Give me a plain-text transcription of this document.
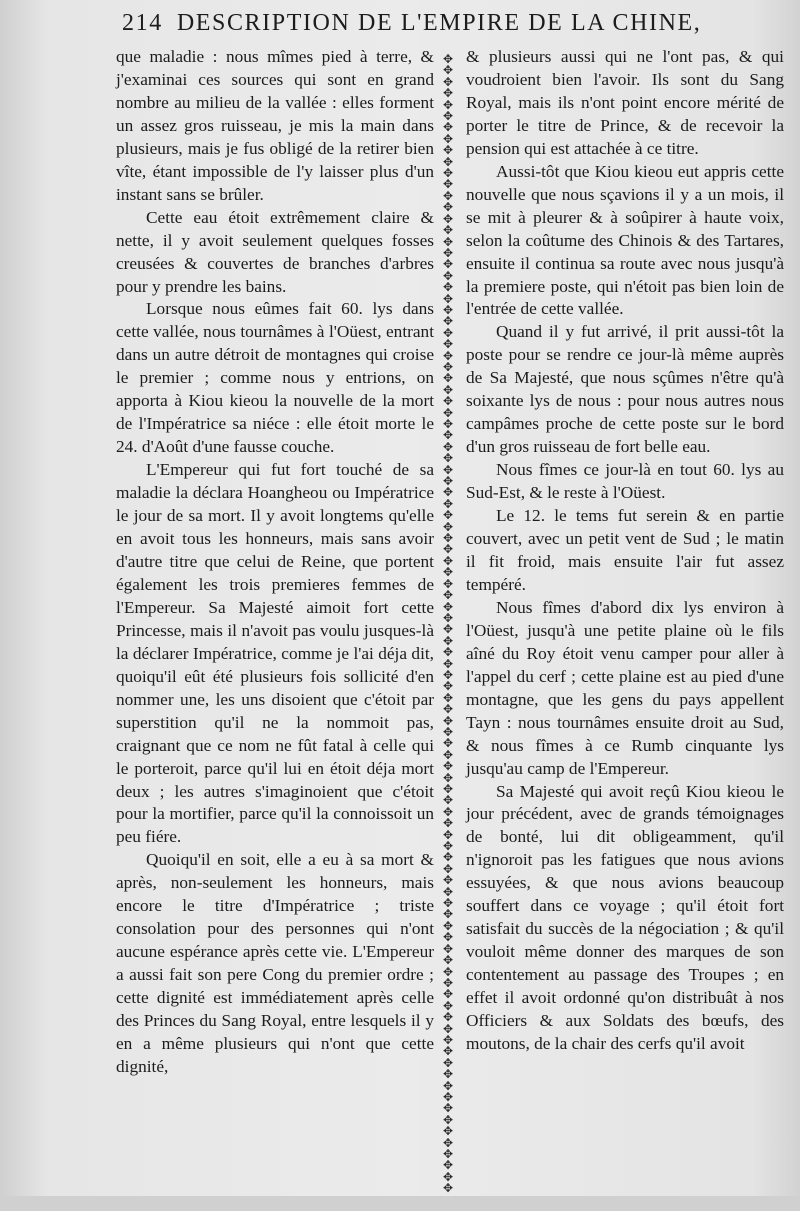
214 DESCRIPTION DE L'EMPIRE DE LA CHINE,

que maladie : nous mîmes pied à terre, & j'examinai ces sources qui sont en grand nombre au milieu de la vallée : elles forment un assez gros ruisseau, je mis la main dans plusieurs, mais je fus obligé de la retirer bien vîte, étant impossible de l'y laisser plus d'un instant sans se brûler.

Cette eau étoit extrêmement claire & nette, il y avoit seulement quelques fosses creusées & couvertes de branches d'arbres pour y prendre les bains.

Lorsque nous eûmes fait 60. lys dans cette vallée, nous tournâmes à l'Oüest, entrant dans un autre détroit de montagnes qui croise le premier ; comme nous y entrions, on apporta à Kiou kieou la nouvelle de la mort de l'Impératrice sa niéce : elle étoit morte le 24. d'Août d'une fausse couche.

L'Empereur qui fut fort touché de sa maladie la déclara Hoangheou ou Impératrice le jour de sa mort. Il y avoit longtems qu'elle en avoit tous les honneurs, mais sans avoir d'autre titre que celui de Reine, que portent également les trois premieres femmes de l'Empereur. Sa Majesté aimoit fort cette Princesse, mais il n'avoit pas voulu jusques-là la déclarer Impératrice, comme je l'ai déja dit, quoiqu'il eût été plusieurs fois sollicité d'en nommer une, les uns disoient que c'étoit par superstition qu'il ne la nommoit pas, craignant que ce nom ne fût fatal à celle qui le porteroit, parce qu'il lui en étoit déja mort deux ; les autres s'imaginoient que c'étoit pour la mortifier, parce qu'il la connoissoit un peu fiére.

Quoiqu'il en soit, elle a eu à sa mort & après, non-seulement les honneurs, mais encore le titre d'Impératrice ; triste consolation pour des personnes qui n'ont aucune espérance après cette vie. L'Empereur a aussi fait son pere Cong du premier ordre ; cette dignité est immédiatement après celle des Princes du Sang Royal, entre lesquels il y en a même plusieurs qui n'ont que cette dignité,

✥
✥
✥
✥
✥
✥
✥
✥
✥
✥
✥
✥
✥
✥
✥
✥
✥
✥
✥
✥
✥
✥
✥
✥
✥
✥
✥
✥
✥
✥
✥
✥
✥
✥
✥
✥
✥
✥
✥
✥
✥
✥
✥
✥
✥
✥
✥
✥
✥
✥
✥
✥
✥
✥
✥
✥
✥
✥
✥
✥
✥
✥
✥
✥
✥
✥
✥
✥
✥
✥
✥
✥
✥
✥
✥
✥
✥
✥
✥
✥
✥
✥
✥
✥
✥
✥
✥
✥
✥
✥
✥
✥
✥
✥
✥
✥
✥
✥
✥
✥

& plusieurs aussi qui ne l'ont pas, & qui voudroient bien l'avoir. Ils sont du Sang Royal, mais ils n'ont point encore mérité de porter le titre de Prince, & de recevoir la pension qui est attachée à ce titre.

Aussi-tôt que Kiou kieou eut appris cette nouvelle que nous sçavions il y a un mois, il se mit à pleurer & à soûpirer à haute voix, selon la coûtume des Chinois & des Tartares, ensuite il continua sa route avec nous jusqu'à la premiere poste, qui n'étoit pas bien loin de l'entrée de cette vallée.

Quand il y fut arrivé, il prit aussi-tôt la poste pour se rendre ce jour-là même auprès de Sa Majesté, que nous sçûmes n'être qu'à soixante lys de nous : pour nous autres nous campâmes proche de cette poste sur le bord d'un gros ruisseau de fort belle eau.

Nous fîmes ce jour-là en tout 60. lys au Sud-Est, & le reste à l'Oüest.

Le 12. le tems fut serein & en partie couvert, avec un petit vent de Sud ; le matin il fit froid, mais ensuite l'air fut assez tempéré.

Nous fîmes d'abord dix lys environ à l'Oüest, jusqu'à une petite plaine où le fils aîné du Roy étoit venu camper pour aller à l'appel du cerf ; cette plaine est au pied d'une montagne, que les gens du pays appellent Tayn : nous tournâmes ensuite droit au Sud, & nous fîmes à ce Rumb cinquante lys jusqu'au camp de l'Empereur.

Sa Majesté qui avoit reçû Kiou kieou le jour précédent, avec de grands témoignages de bonté, lui dit obligeamment, qu'il n'ignoroit pas les fatigues que nous avions essuyées, & que nous avions beaucoup souffert dans ce voyage ; qu'il étoit fort satisfait du succès de la négociation ; & qu'il vouloit même donner des marques de son contentement au passage des Troupes ; en effet il avoit ordonné qu'on distribuât à nos Officiers & aux Soldats des bœufs, des moutons, de la chair des cerfs qu'il avoit
